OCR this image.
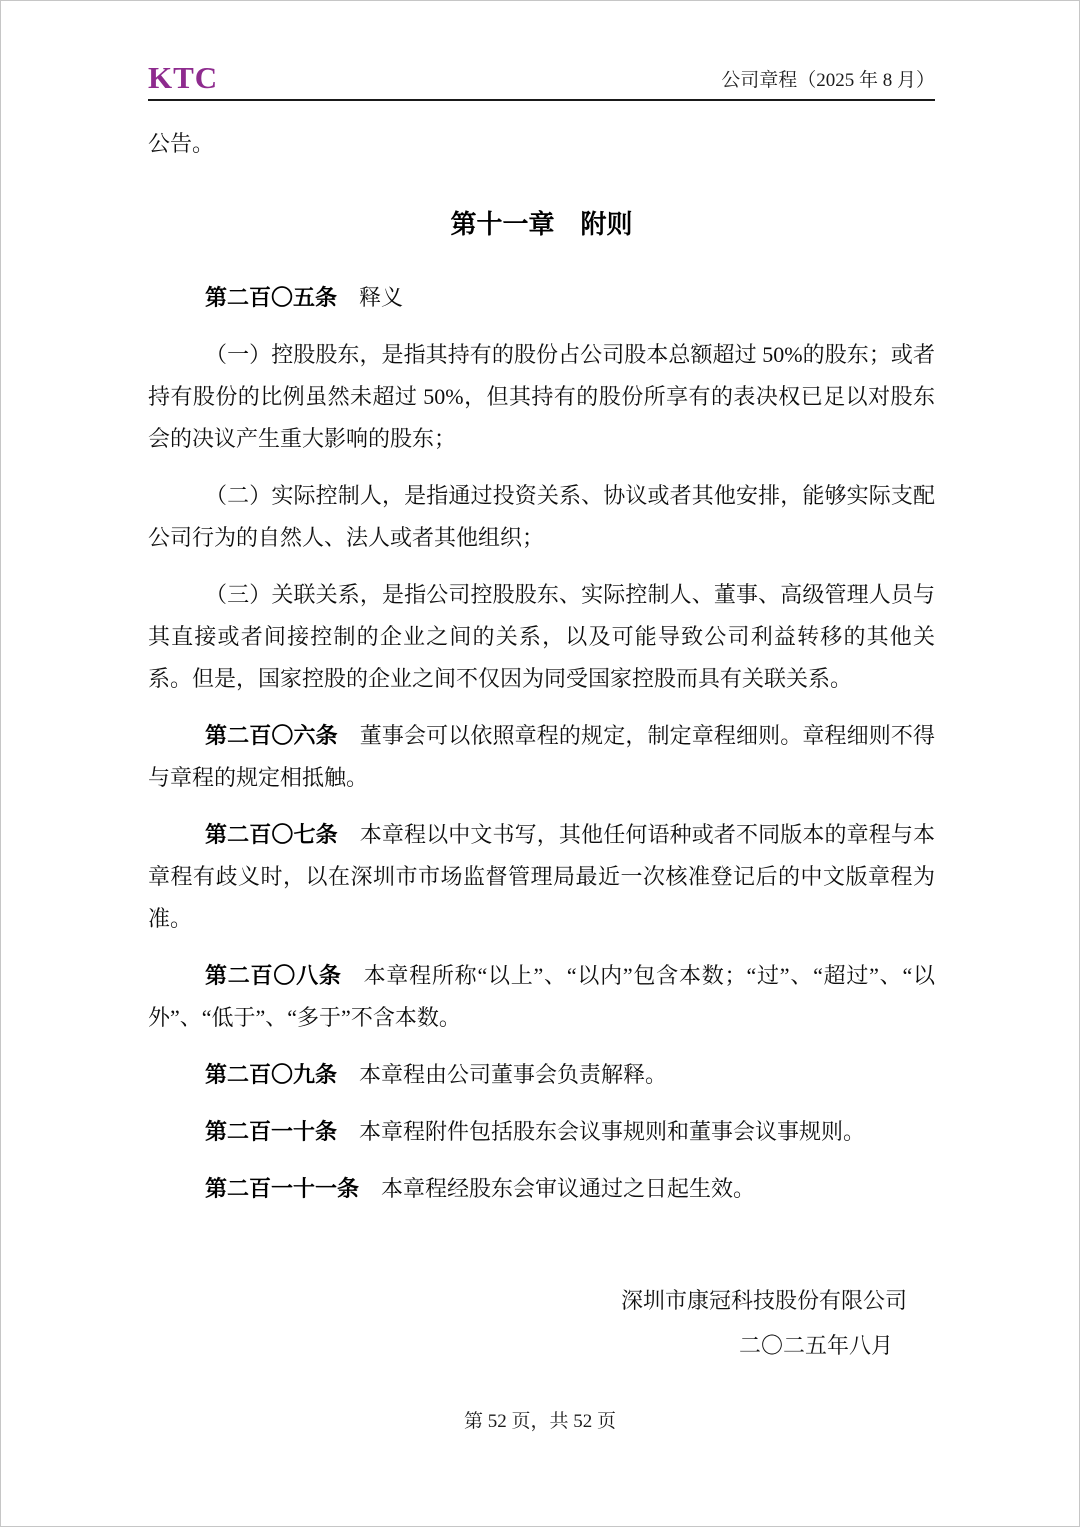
KTC	公司章程（2025 年 8 月）

公告。

第十一章　附则

第二百〇五条 释义

（一）控股股东，是指其持有的股份占公司股本总额超过 50%的股东；或者持有股份的比例虽然未超过 50%，但其持有的股份所享有的表决权已足以对股东会的决议产生重大影响的股东；

（二）实际控制人，是指通过投资关系、协议或者其他安排，能够实际支配公司行为的自然人、法人或者其他组织；

（三）关联关系，是指公司控股股东、实际控制人、董事、高级管理人员与其直接或者间接控制的企业之间的关系，以及可能导致公司利益转移的其他关系。但是，国家控股的企业之间不仅因为同受国家控股而具有关联关系。

第二百〇六条 董事会可以依照章程的规定，制定章程细则。章程细则不得与章程的规定相抵触。

第二百〇七条 本章程以中文书写，其他任何语种或者不同版本的章程与本章程有歧义时，以在深圳市市场监督管理局最近一次核准登记后的中文版章程为准。

第二百〇八条 本章程所称“以上”、“以内”包含本数；“过”、“超过”、“以外”、“低于”、“多于”不含本数。

第二百〇九条 本章程由公司董事会负责解释。

第二百一十条 本章程附件包括股东会议事规则和董事会议事规则。

第二百一十一条 本章程经股东会审议通过之日起生效。

深圳市康冠科技股份有限公司

二〇二五年八月

第 52 页，共 52 页
